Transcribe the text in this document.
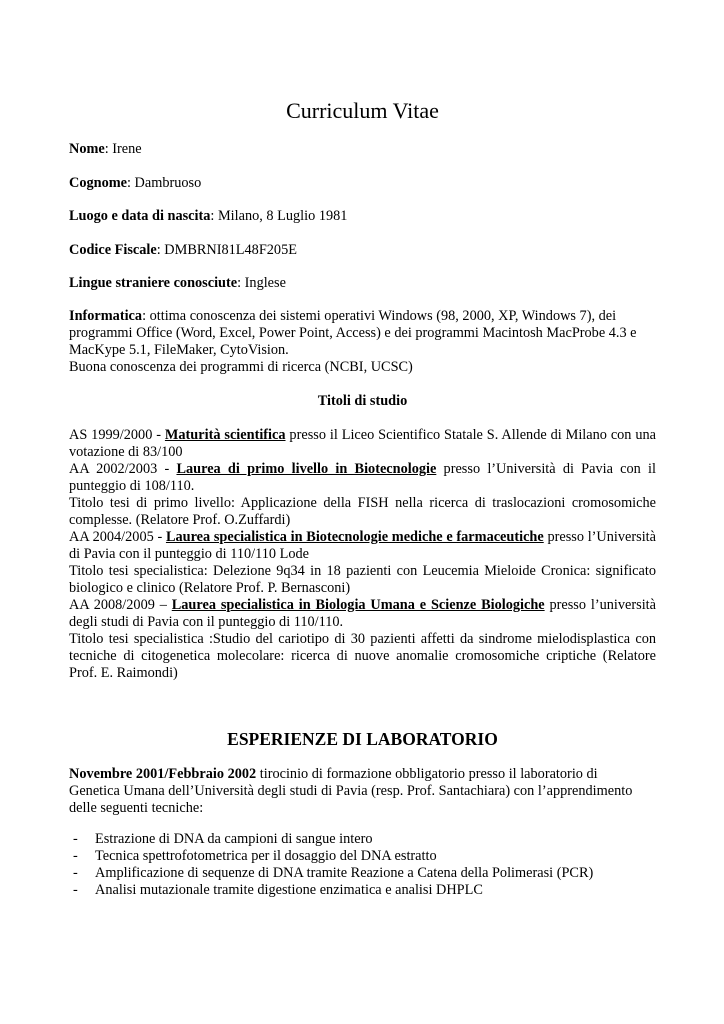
Curriculum Vitae

Nome: Irene

Cognome: Dambruoso

Luogo e data di nascita: Milano, 8 Luglio 1981

Codice Fiscale: DMBRNI81L48F205E

Lingue straniere conosciute: Inglese

Informatica: ottima conoscenza dei sistemi operativi Windows (98, 2000, XP, Windows 7), dei programmi Office (Word, Excel, Power Point, Access) e dei programmi Macintosh MacProbe 4.3 e MacKype 5.1, FileMaker, CytoVision.
Buona conoscenza dei programmi di ricerca (NCBI, UCSC)

Titoli di studio

AS 1999/2000 - Maturità scientifica presso il Liceo Scientifico Statale S. Allende di Milano con una votazione di 83/100

AA 2002/2003 - Laurea di primo livello in Biotecnologie presso l’Università di Pavia con il punteggio di 108/110.

Titolo tesi di primo livello: Applicazione della FISH nella ricerca di traslocazioni cromosomiche complesse. (Relatore Prof. O.Zuffardi)

AA 2004/2005 - Laurea specialistica in Biotecnologie mediche e farmaceutiche presso l’Università di Pavia con il punteggio di 110/110 Lode

Titolo tesi specialistica: Delezione 9q34 in 18 pazienti con Leucemia Mieloide Cronica: significato biologico e clinico (Relatore Prof. P. Bernasconi)

AA 2008/2009 – Laurea specialistica in Biologia Umana e Scienze Biologiche presso l’università degli studi di Pavia con il punteggio di 110/110.

Titolo tesi specialistica :Studio del cariotipo di 30 pazienti affetti da sindrome mielodisplastica con tecniche di citogenetica molecolare: ricerca di nuove anomalie cromosomiche criptiche (Relatore Prof. E. Raimondi)

ESPERIENZE DI LABORATORIO

Novembre 2001/Febbraio 2002 tirocinio di formazione obbligatorio presso il laboratorio di Genetica Umana dell’Università degli studi di Pavia (resp. Prof. Santachiara) con l’apprendimento delle seguenti tecniche:

- Estrazione di DNA da campioni di sangue intero
- Tecnica spettrofotometrica per il dosaggio del DNA estratto
- Amplificazione di sequenze di DNA tramite Reazione a Catena della Polimerasi (PCR)
- Analisi mutazionale tramite digestione enzimatica e analisi DHPLC
